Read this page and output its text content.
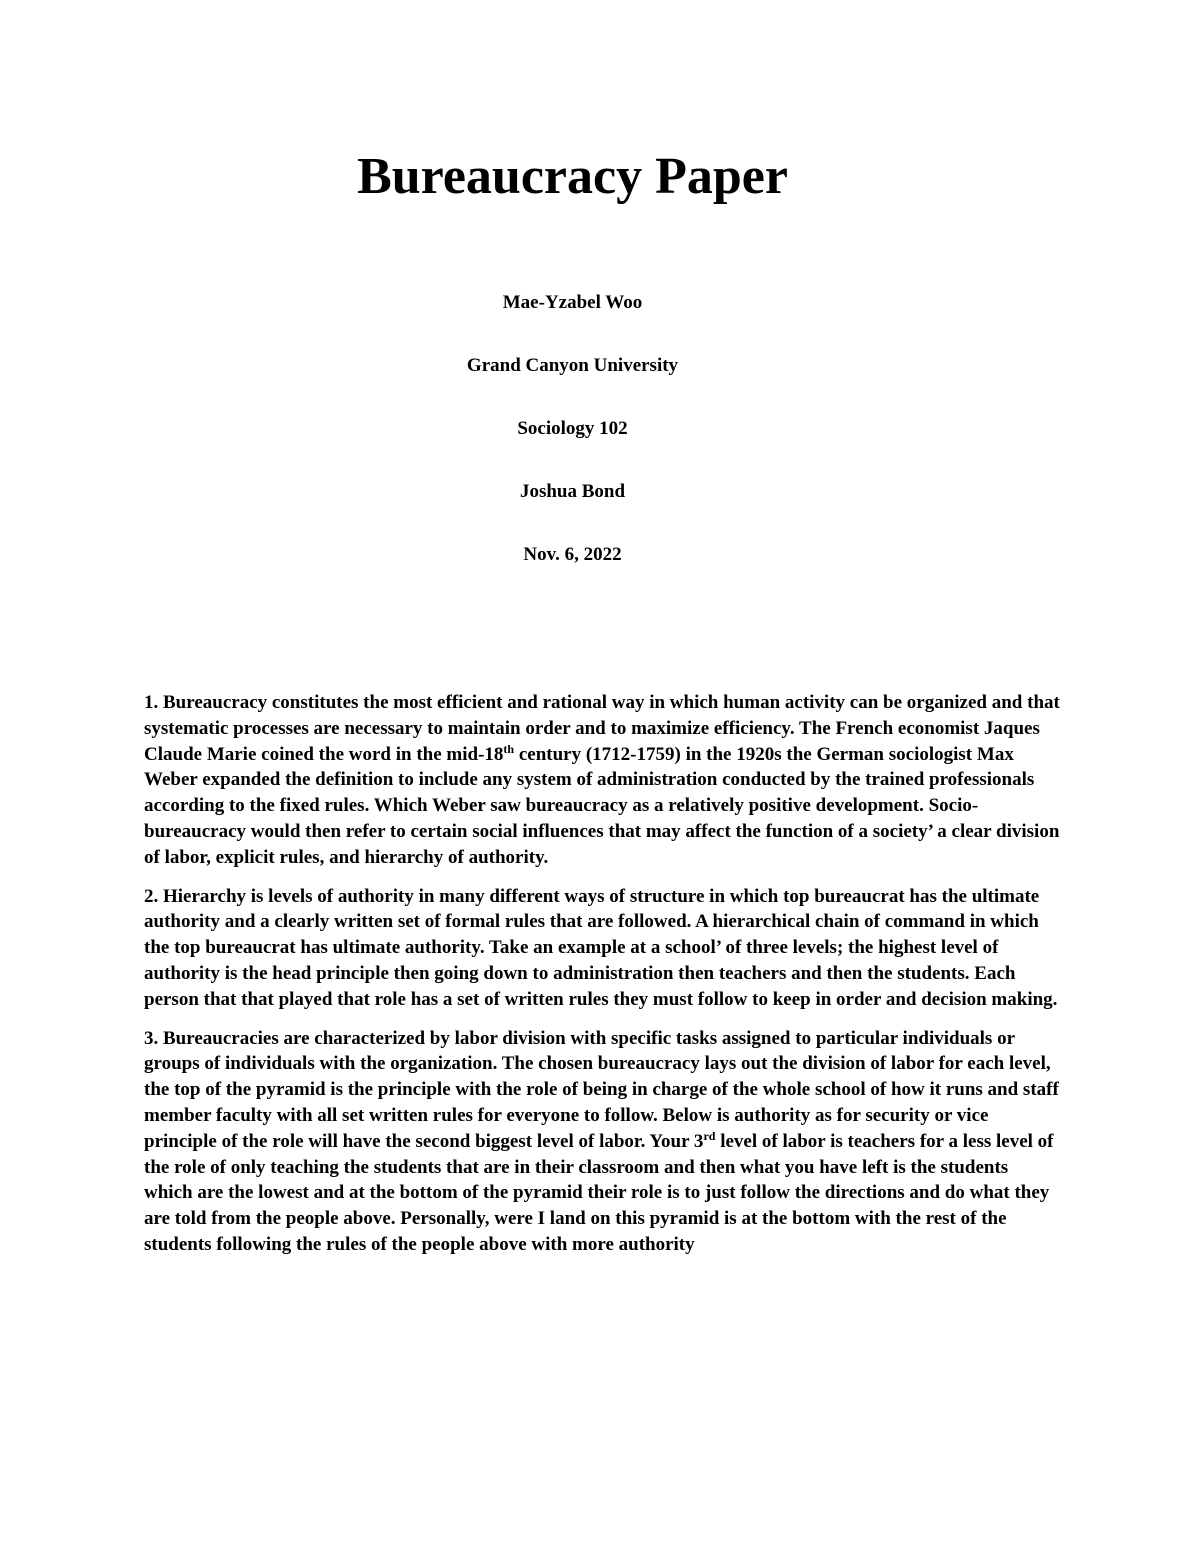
Bureaucracy Paper
Mae-Yzabel Woo
Grand Canyon University
Sociology 102
Joshua Bond
Nov. 6, 2022

1. Bureaucracy constitutes the most efficient and rational way in which human activity can be organized and that systematic processes are necessary to maintain order and to maximize efficiency. The French economist Jaques Claude Marie coined the word in the mid-18th century (1712-1759) in the 1920s the German sociologist Max Weber expanded the definition to include any system of administration conducted by the trained professionals according to the fixed rules. Which Weber saw bureaucracy as a relatively positive development. Socio-bureaucracy would then refer to certain social influences that may affect the function of a society’ a clear division of labor, explicit rules, and hierarchy of authority.

2. Hierarchy is levels of authority in many different ways of structure in which top bureaucrat has the ultimate authority and a clearly written set of formal rules that are followed. A hierarchical chain of command in which the top bureaucrat has ultimate authority. Take an example at a school’ of three levels; the highest level of authority is the head principle then going down to administration then teachers and then the students. Each person that that played that role has a set of written rules they must follow to keep in order and decision making.

3. Bureaucracies are characterized by labor division with specific tasks assigned to particular individuals or groups of individuals with the organization. The chosen bureaucracy lays out the division of labor for each level, the top of the pyramid is the principle with the role of being in charge of the whole school of how it runs and staff member faculty with all set written rules for everyone to follow. Below is authority as for security or vice principle of the role will have the second biggest level of labor. Your 3rd level of labor is teachers for a less level of the role of only teaching the students that are in their classroom and then what you have left is the students which are the lowest and at the bottom of the pyramid their role is to just follow the directions and do what they are told from the people above. Personally, were I land on this pyramid is at the bottom with the rest of the students following the rules of the people above with more authority
